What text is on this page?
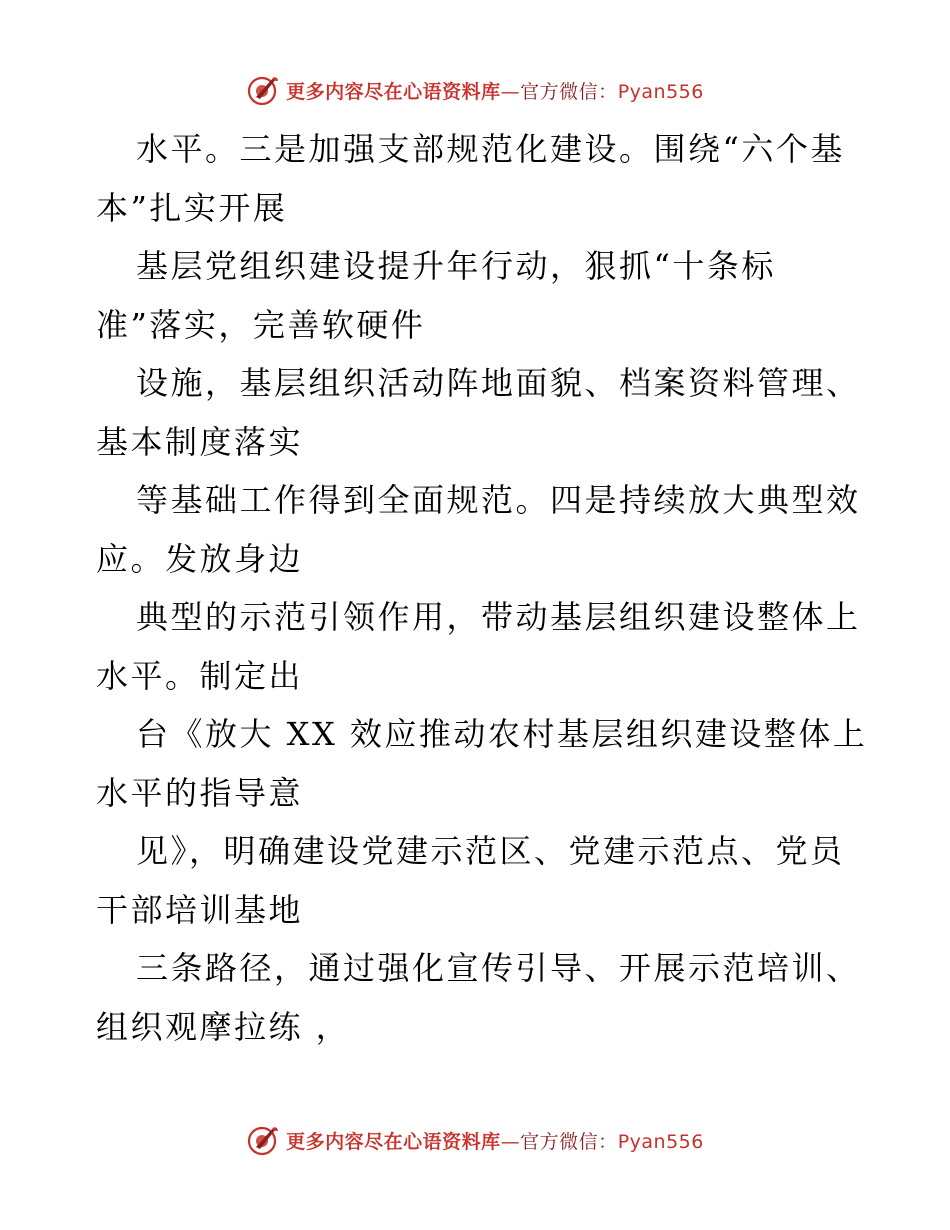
更多内容尽在心语资料库—官方微信：Pyan556
水平。三是加强支部规范化建设。围绕“六个基
本”扎实开展
基层党组织建设提升年行动，狠抓“十条标
准”落实，完善软硬件
设施，基层组织活动阵地面貌、档案资料管理、
基本制度落实
等基础工作得到全面规范。四是持续放大典型效
应。发放身边
典型的示范引领作用，带动基层组织建设整体上
水平。制定出
台《放大 XX 效应推动农村基层组织建设整体上
水平的指导意
见》，明确建设党建示范区、党建示范点、党员
干部培训基地
三条路径，通过强化宣传引导、开展示范培训、
组织观摩拉练 ，
更多内容尽在心语资料库—官方微信：Pyan556
